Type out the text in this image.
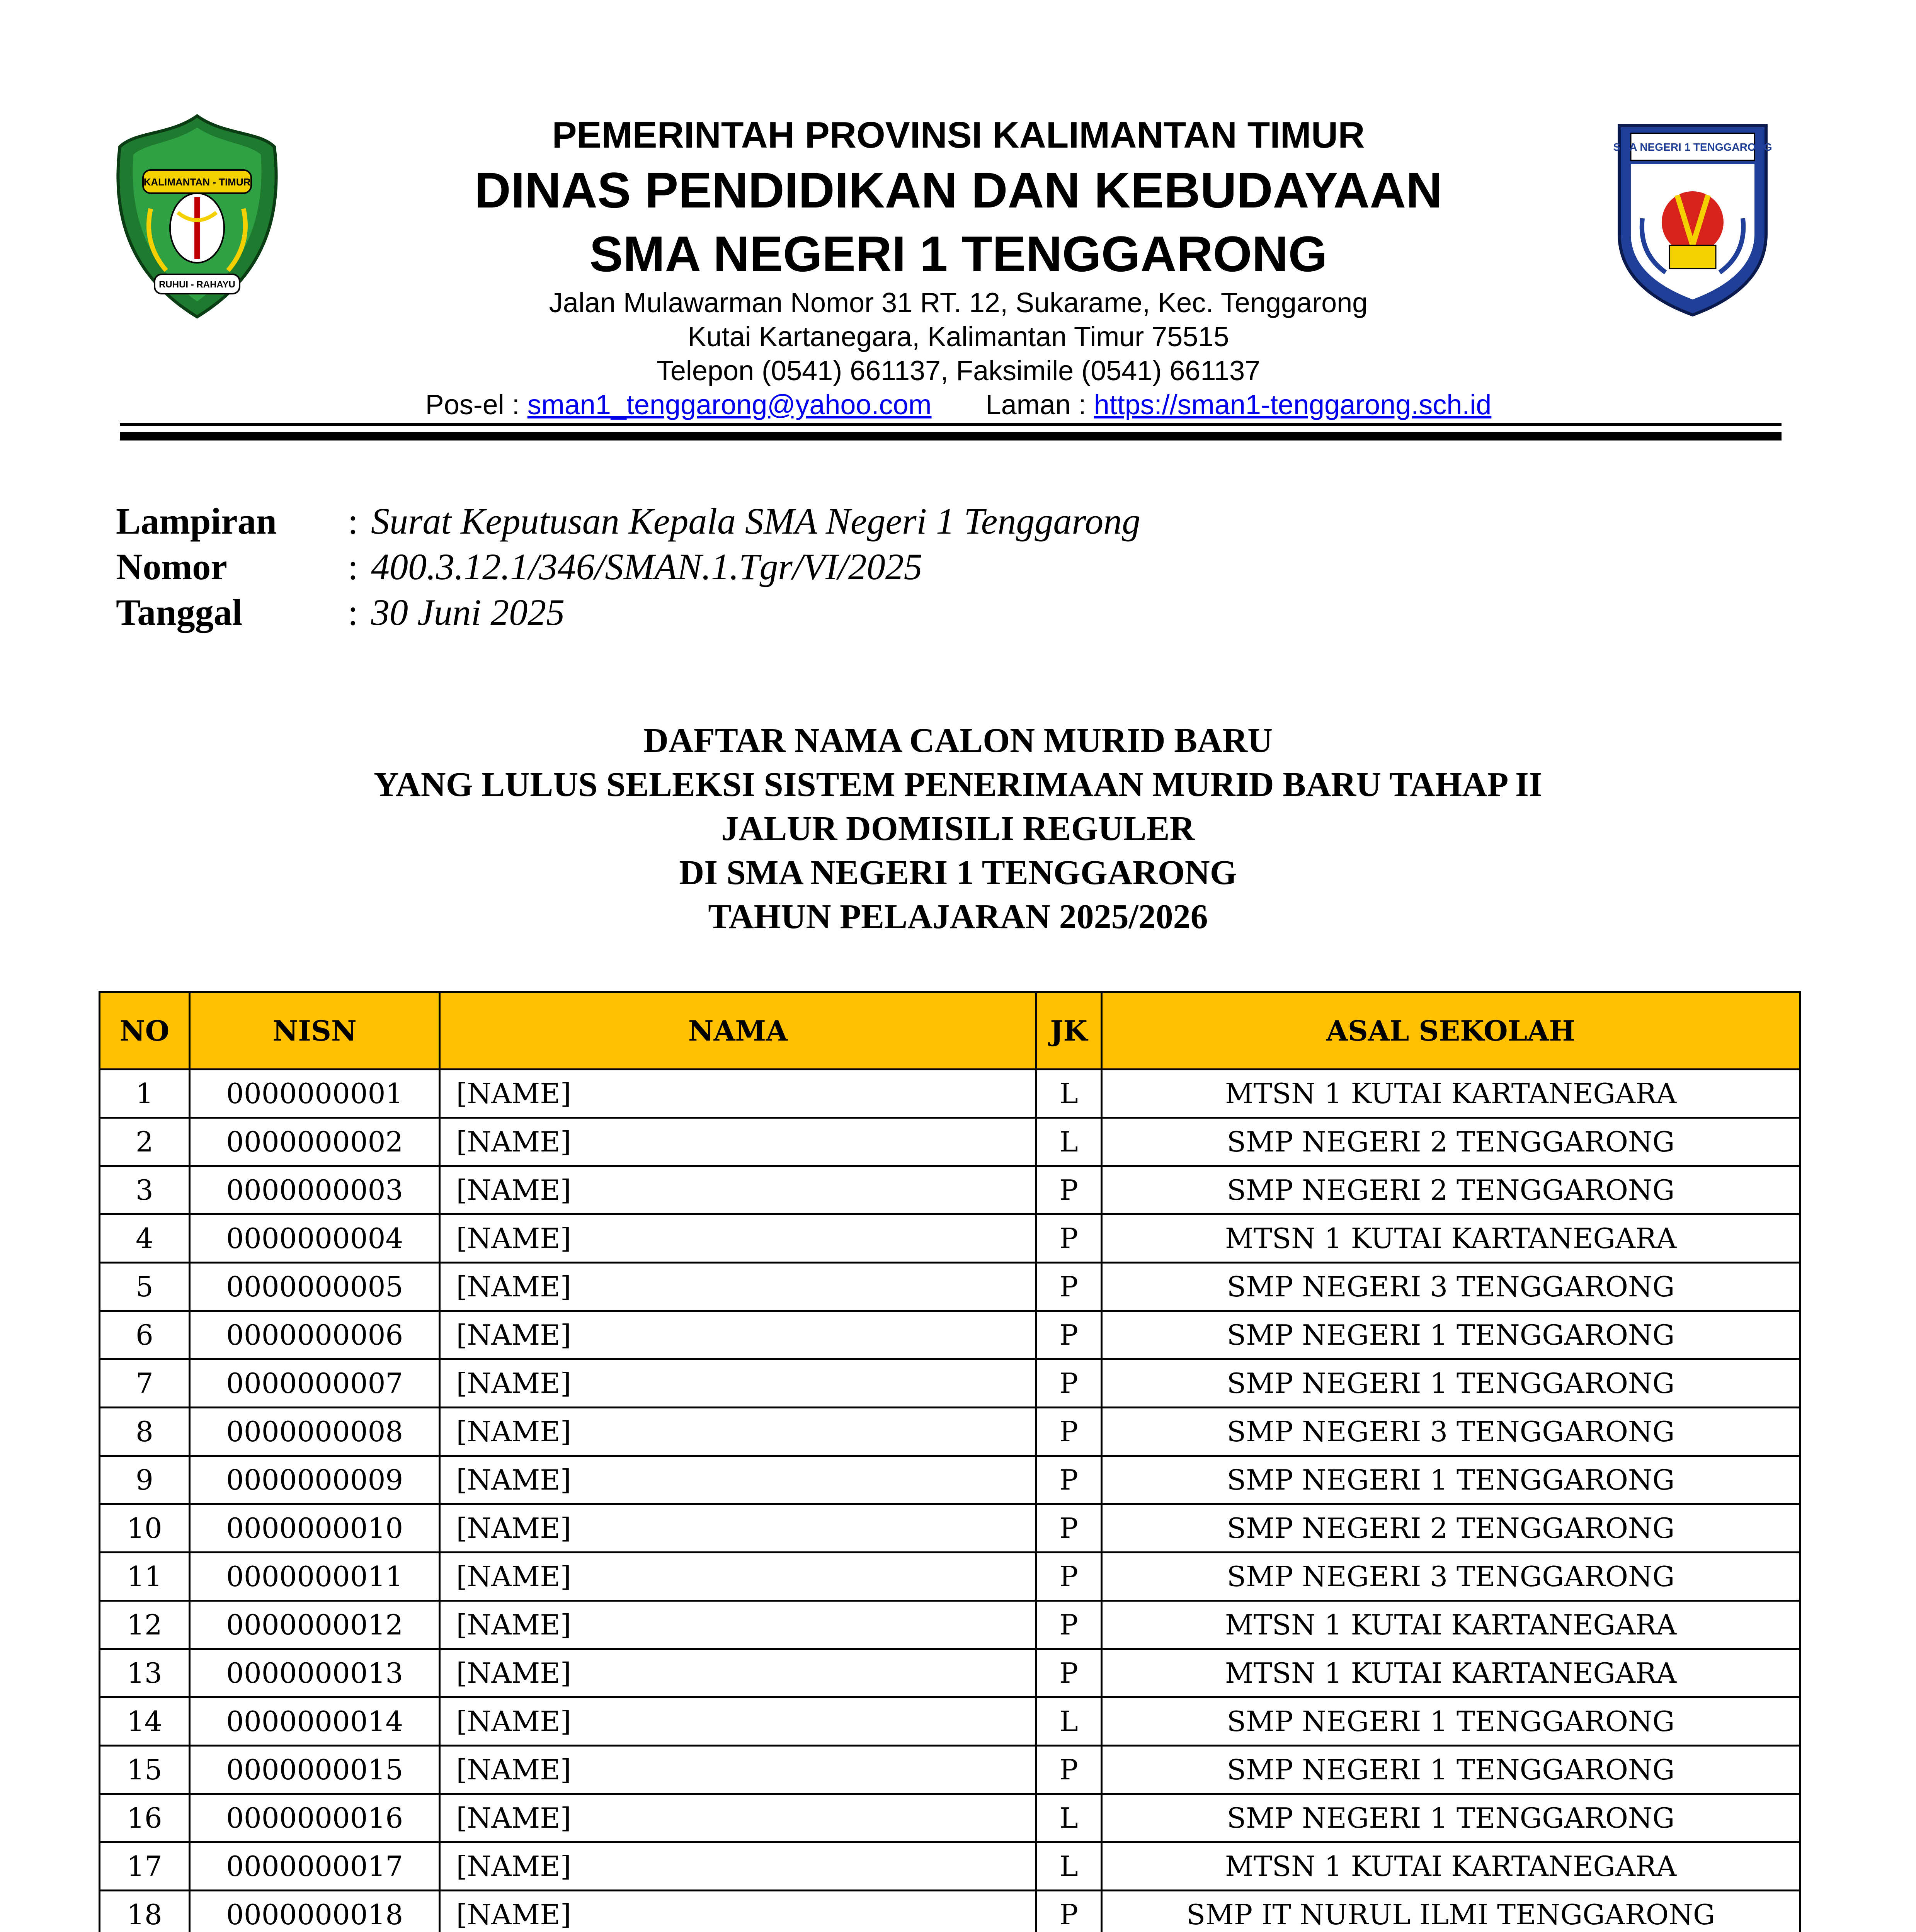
KALIMANTAN - TIMUR
RUHUI - RAHAYU
PEMERINTAH PROVINSI KALIMANTAN TIMUR
DINAS PENDIDIKAN DAN KEBUDAYAAN
SMA NEGERI 1 TENGGARONG
Jalan Mulawarman Nomor 31 RT. 12, Sukarame, Kec. Tenggarong
Kutai Kartanegara, Kalimantan Timur 75515
Telepon (0541) 661137, Faksimile (0541) 661137
Pos-el : sman1_tenggarong@yahoo.com Laman : https://sman1-tenggarong.sch.id
SMA NEGERI 1 TENGGARONG
Lampiran	: Surat Keputusan Kepala SMA Negeri 1 Tenggarong
Nomor	: 400.3.12.1/346/SMAN.1.Tgr/VI/2025
Tanggal	: 30 Juni 2025
DAFTAR NAMA CALON MURID BARU
YANG LULUS SELEKSI SISTEM PENERIMAAN MURID BARU TAHAP II
JALUR DOMISILI REGULER
DI SMA NEGERI 1 TENGGARONG
TAHUN PELAJARAN 2025/2026
NO	NISN	NAMA	JK	ASAL SEKOLAH
1	0000000001	[NAME]	L	MTSN 1 KUTAI KARTANEGARA
2	0000000002	[NAME]	L	SMP NEGERI 2 TENGGARONG
3	0000000003	[NAME]	P	SMP NEGERI 2 TENGGARONG
4	0000000004	[NAME]	P	MTSN 1 KUTAI KARTANEGARA
5	0000000005	[NAME]	P	SMP NEGERI 3 TENGGARONG
6	0000000006	[NAME]	P	SMP NEGERI 1 TENGGARONG
7	0000000007	[NAME]	P	SMP NEGERI 1 TENGGARONG
8	0000000008	[NAME]	P	SMP NEGERI 3 TENGGARONG
9	0000000009	[NAME]	P	SMP NEGERI 1 TENGGARONG
10	0000000010	[NAME]	P	SMP NEGERI 2 TENGGARONG
11	0000000011	[NAME]	P	SMP NEGERI 3 TENGGARONG
12	0000000012	[NAME]	P	MTSN 1 KUTAI KARTANEGARA
13	0000000013	[NAME]	P	MTSN 1 KUTAI KARTANEGARA
14	0000000014	[NAME]	L	SMP NEGERI 1 TENGGARONG
15	0000000015	[NAME]	P	SMP NEGERI 1 TENGGARONG
16	0000000016	[NAME]	L	SMP NEGERI 1 TENGGARONG
17	0000000017	[NAME]	L	MTSN 1 KUTAI KARTANEGARA
18	0000000018	[NAME]	P	SMP IT NURUL ILMI TENGGARONG
